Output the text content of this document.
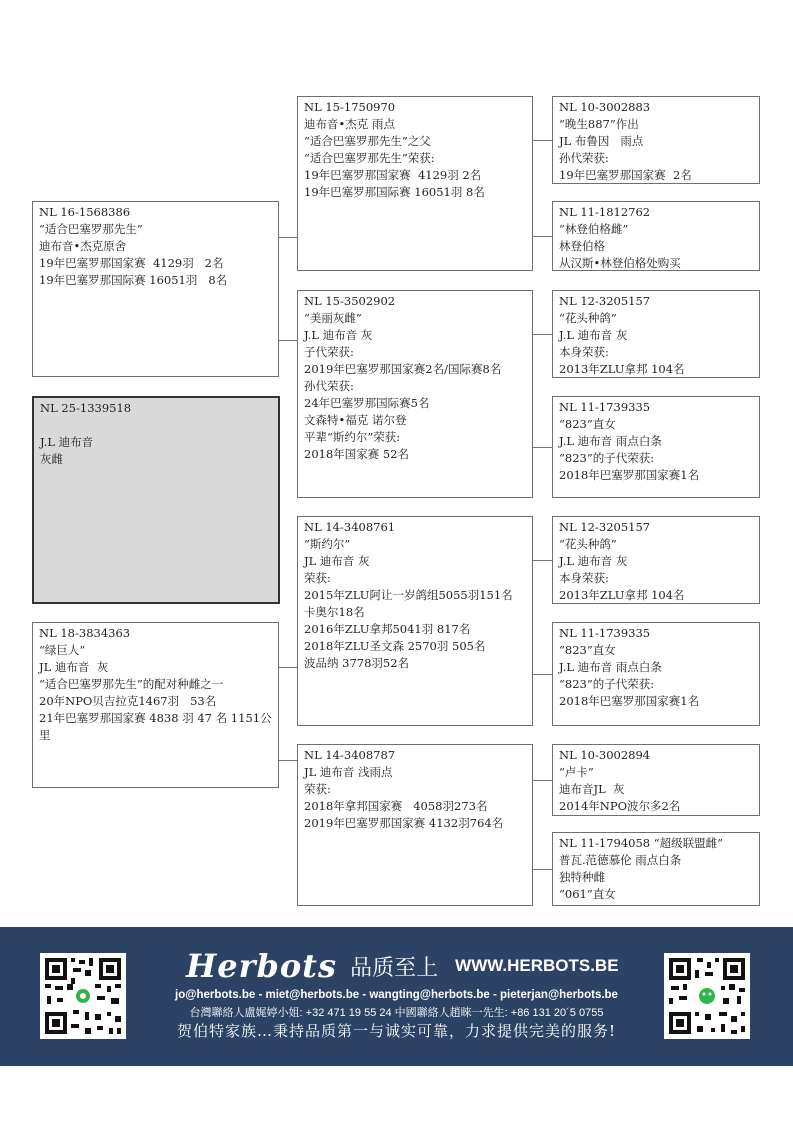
NL 15-1750970
迪布音•杰克 雨点
“适合巴塞罗那先生”之父
“适合巴塞罗那先生”荣获:
19年巴塞罗那国家赛  4129羽 2名
19年巴塞罗那国际赛 16051羽 8名
NL 10-3002883
“晚生887”作出
JL 布鲁因   雨点
孙代荣获:
19年巴塞罗那国家赛  2名
NL 11-1812762
“林登伯格雌”
林登伯格
从汉斯•林登伯格处购买
NL 16-1568386
“适合巴塞罗那先生”
迪布音•杰克原舍
19年巴塞罗那国家赛  4129羽   2名
19年巴塞罗那国际赛 16051羽   8名
NL 15-3502902
“美丽灰雌”
J.L 迪布音 灰
子代荣获:
2019年巴塞罗那国家赛2名/国际赛8名
孙代荣获:
24年巴塞罗那国际赛5名
文森特•福克 诺尔登
平辈“斯约尔”荣获:
2018年国家赛 52名
NL 12-3205157
“花头种鸽”
J.L 迪布音 灰
本身荣获:
2013年ZLU拿邦 104名
NL 11-1739335
“823”直女
J.L 迪布音 雨点白条
“823”的子代荣获:
2018年巴塞罗那国家赛1名
NL 25-1339518

J.L 迪布音
灰雌
NL 18-3834363
“绿巨人”
JL 迪布音  灰
“适合巴塞罗那先生”的配对种雌之一
20年NPO贝吉拉克1467羽   53名
21年巴塞罗那国家赛 4838 羽 47 名 1151公里
NL 14-3408761
“斯约尔”
JL 迪布音 灰
荣获:
2015年ZLU阿让一岁鸽组5055羽151名
卡奥尔18名
2016年ZLU拿邦5041羽 817名
2018年ZLU圣文森 2570羽 505名
波品纳 3778羽52名
NL 12-3205157
“花头种鸽”
J.L 迪布音 灰
本身荣获:
2013年ZLU拿邦 104名
NL 11-1739335
“823”直女
J.L 迪布音 雨点白条
“823”的子代荣获:
2018年巴塞罗那国家赛1名
NL 14-3408787
JL 迪布音 浅雨点
荣获:
2018年拿邦国家赛   4058羽273名
2019年巴塞罗那国家赛 4132羽764名
NL 10-3002894
“卢卡”
迪布音JL  灰
2014年NPO波尔多2名
NL 11-1794058 “超级联盟雌”
普瓦.范德慕伦 雨点白条
独特种雌
“061”直女
Herbots 品质至上 WWW.HERBOTS.BE
jo@herbots.be - miet@herbots.be - wangting@herbots.be - pieterjan@herbots.be
台灣聯絡人盧娓婷小姐: +32 471 19 55 24 中國聯絡人趙睞一先生: +86 131 20´5 0755
贺伯特家族…秉持品质第一与诚实可靠，力求提供完美的服务!
